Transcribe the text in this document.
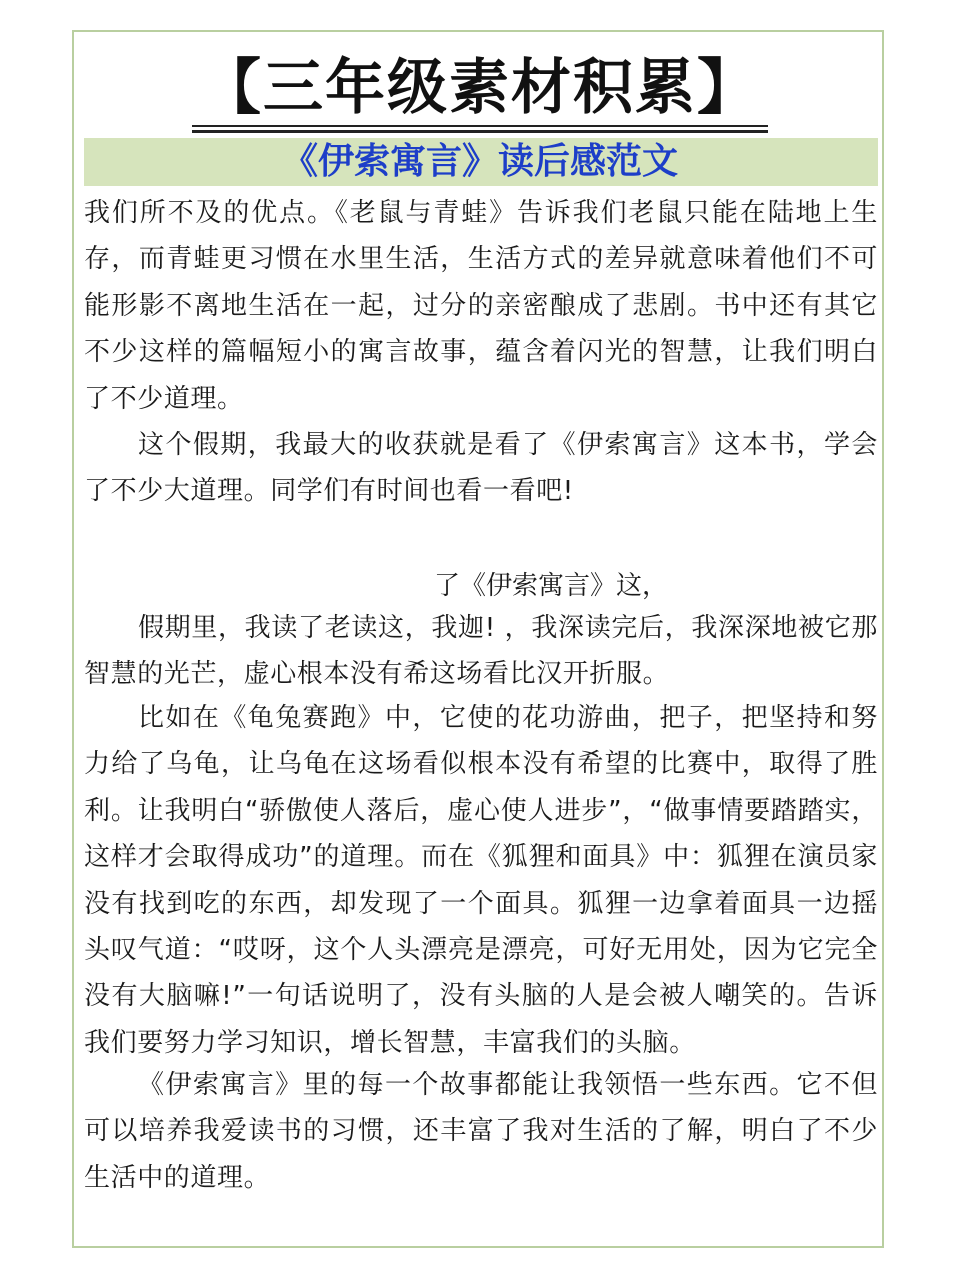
【三年级素材积累】
《伊索寓言》读后感范文

我们所不及的优点。《老鼠与青蛙》告诉我们老鼠只能在陆地上生存，而青蛙更习惯在水里生活，生活方式的差异就意味着他们不可能形影不离地生活在一起，过分的亲密酿成了悲剧。书中还有其它不少这样的篇幅短小的寓言故事，蕴含着闪光的智慧，让我们明白了不少道理。

这个假期，我最大的收获就是看了《伊索寓言》这本书，学会了不少大道理。同学们有时间也看一看吧!

了《伊索寓言》这，

假期里，我读了老读这，我迦! ，我深读完后，我深深地被它那智慧的光芒，虚心根本没有希这场看比汉开折服。

比如在《龟兔赛跑》中，它使的花功游曲，把子，把坚持和努力给了乌龟，让乌龟在这场看似根本没有希望的比赛中，取得了胜利。让我明白“骄傲使人落后，虚心使人进步”，“做事情要踏踏实，这样才会取得成功”的道理。而在《狐狸和面具》中：狐狸在演员家没有找到吃的东西，却发现了一个面具。狐狸一边拿着面具一边摇头叹气道：“哎呀，这个人头漂亮是漂亮，可好无用处，因为它完全没有大脑嘛!”一句话说明了，没有头脑的人是会被人嘲笑的。告诉我们要努力学习知识，增长智慧，丰富我们的头脑。

《伊索寓言》里的每一个故事都能让我领悟一些东西。它不但可以培养我爱读书的习惯，还丰富了我对生活的了解，明白了不少生活中的道理。
